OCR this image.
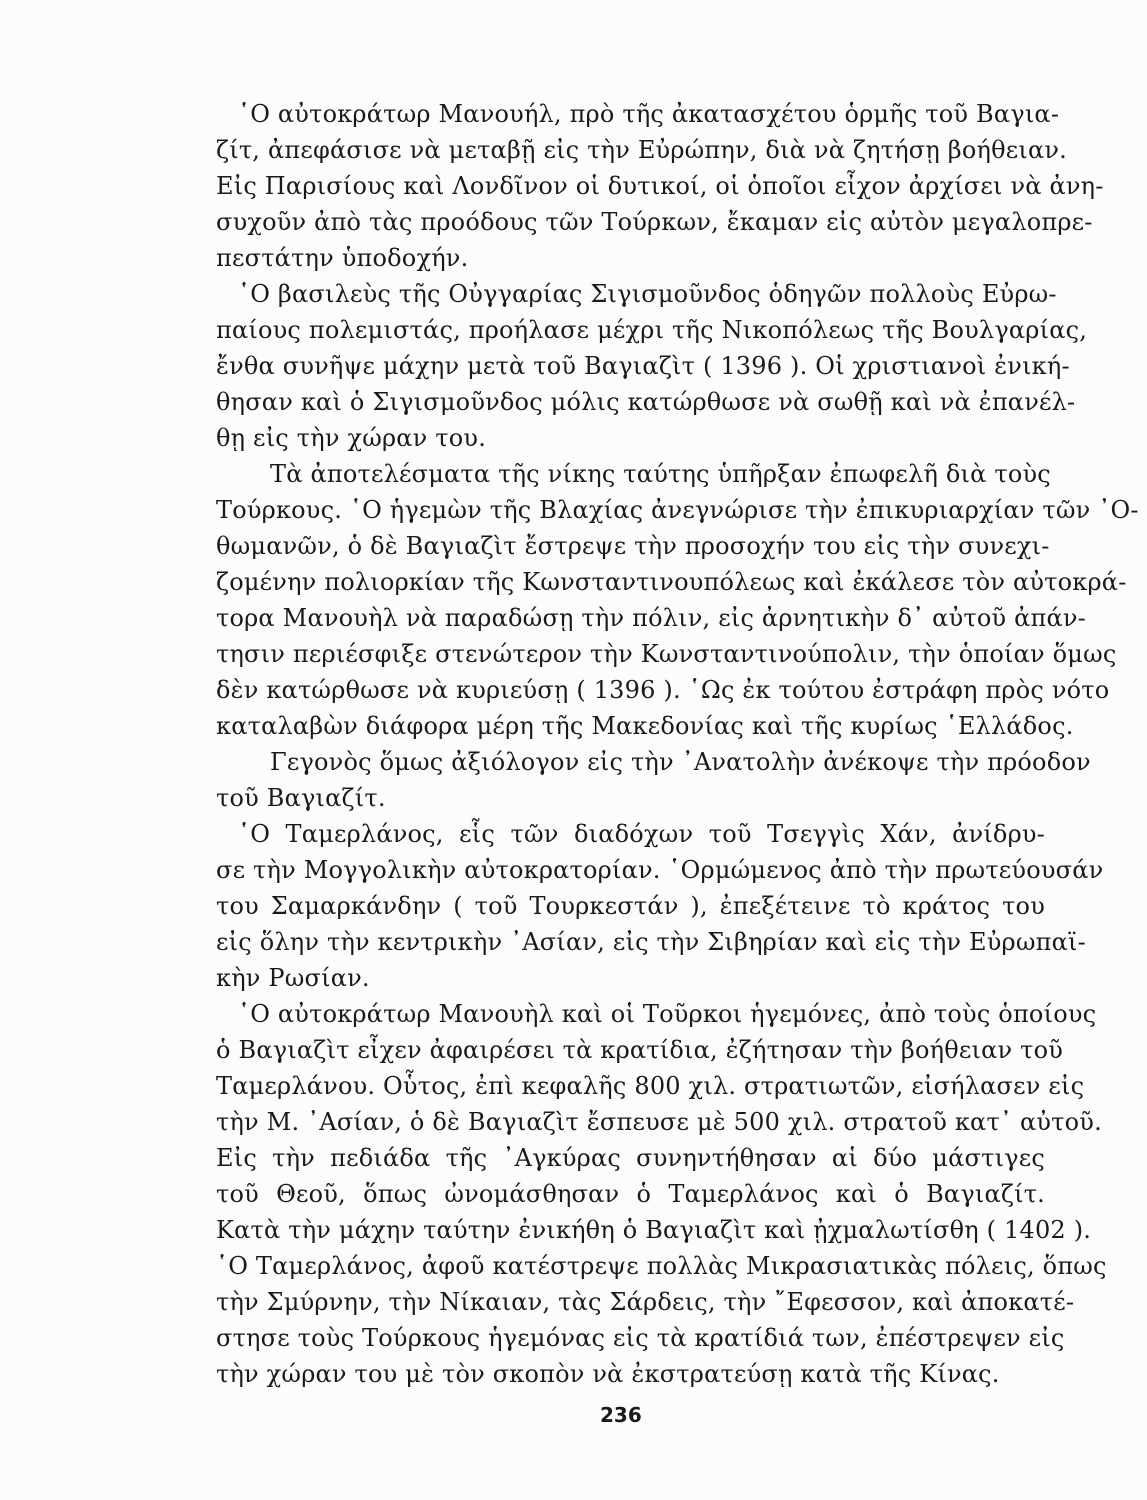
῾Ο αὐτοκράτωρ Μανουήλ, πρὸ τῆς ἀκατασχέτου ὁρμῆς τοῦ Βαγια-
ζίτ, ἀπεφάσισε νὰ μεταβῇ εἰς τὴν Εὐρώπην, διὰ νὰ ζητήσῃ βοήθειαν.
Εἰς Παρισίους καὶ Λονδῖνον οἱ δυτικοί, οἱ ὁποῖοι εἶχον ἀρχίσει νὰ ἀνη-
συχοῦν ἀπὸ τὰς προόδους τῶν Τούρκων, ἔκαμαν εἰς αὐτὸν μεγαλοπρε-
πεστάτην ὑποδοχήν.
῾Ο βασιλεὺς τῆς Οὐγγαρίας Σιγισμοῦνδος ὁδηγῶν πολλοὺς Εὐρω-
παίους πολεμιστάς, προήλασε μέχρι τῆς Νικοπόλεως τῆς Βουλγαρίας,
ἔνθα συνῆψε μάχην μετὰ τοῦ Βαγιαζὶτ ( 1396 ). Οἱ χριστιανοὶ ἐνική-
θησαν καὶ ὁ Σιγισμοῦνδος μόλις κατώρθωσε νὰ σωθῇ καὶ νὰ ἐπανέλ-
θῃ εἰς τὴν χώραν του.
Τὰ ἀποτελέσματα τῆς νίκης ταύτης ὑπῆρξαν ἐπωφελῆ διὰ τοὺς
Τούρκους. ῾Ο ἡγεμὼν τῆς Βλαχίας ἀνεγνώρισε τὴν ἐπικυριαρχίαν τῶν ᾿Ο-
θωμανῶν, ὁ δὲ Βαγιαζὶτ ἔστρεψε τὴν προσοχήν του εἰς τὴν συνεχι-
ζομένην πολιορκίαν τῆς Κωνσταντινουπόλεως καὶ ἐκάλεσε τὸν αὐτοκρά-
τορα Μανουὴλ νὰ παραδώσῃ τὴν πόλιν, εἰς ἀρνητικὴν δ᾿ αὐτοῦ ἀπάν-
τησιν περιέσφιξε στενώτερον τὴν Κωνσταντινούπολιν, τὴν ὁποίαν ὅμως
δὲν κατώρθωσε νὰ κυριεύσῃ ( 1396 ). ῾Ως ἐκ τούτου ἐστράφη πρὸς νότο
καταλαβὼν διάφορα μέρη τῆς Μακεδονίας καὶ τῆς κυρίως ῾Ελλάδος.
Γεγονὸς ὅμως ἀξιόλογον εἰς τὴν ᾿Ανατολὴν ἀνέκοψε τὴν πρόοδον
τοῦ Βαγιαζίτ.
῾Ο Ταμερλάνος, εἷς τῶν διαδόχων τοῦ Τσεγγὶς Χάν, ἀνίδρυ-
σε τὴν Μογγολικὴν αὐτοκρατορίαν. ῾Ορμώμενος ἀπὸ τὴν πρωτεύουσάν
του Σαμαρκάνδην ( τοῦ Τουρκεστάν ), ἐπεξέτεινε τὸ κράτος του
εἰς ὅλην τὴν κεντρικὴν ᾿Ασίαν, εἰς τὴν Σιβηρίαν καὶ εἰς τὴν Εὐρωπαϊ-
κὴν Ρωσίαν.
῾Ο αὐτοκράτωρ Μανουὴλ καὶ οἱ Τοῦρκοι ἡγεμόνες, ἀπὸ τοὺς ὁποίους
ὁ Βαγιαζὶτ εἶχεν ἀφαιρέσει τὰ κρατίδια, ἐζήτησαν τὴν βοήθειαν τοῦ
Ταμερλάνου. Οὗτος, ἐπὶ κεφαλῆς 800 χιλ. στρατιωτῶν, εἰσήλασεν εἰς
τὴν Μ. ᾿Ασίαν, ὁ δὲ Βαγιαζὶτ ἔσπευσε μὲ 500 χιλ. στρατοῦ κατ᾿ αὐτοῦ.
Εἰς τὴν πεδιάδα τῆς ᾿Αγκύρας συνηντήθησαν αἱ δύο μάστιγες
τοῦ Θεοῦ, ὅπως ὠνομάσθησαν ὁ Ταμερλάνος καὶ ὁ Βαγιαζίτ.
Κατὰ τὴν μάχην ταύτην ἐνικήθη ὁ Βαγιαζὶτ καὶ ᾐχμαλωτίσθη ( 1402 ).
῾Ο Ταμερλάνος, ἀφοῦ κατέστρεψε πολλὰς Μικρασιατικὰς πόλεις, ὅπως
τὴν Σμύρνην, τὴν Νίκαιαν, τὰς Σάρδεις, τὴν ῎Εφεσσον, καὶ ἀποκατέ-
στησε τοὺς Τούρκους ἡγεμόνας εἰς τὰ κρατίδιά των, ἐπέστρεψεν εἰς
τὴν χώραν του μὲ τὸν σκοπὸν νὰ ἐκστρατεύσῃ κατὰ τῆς Κίνας.
236
